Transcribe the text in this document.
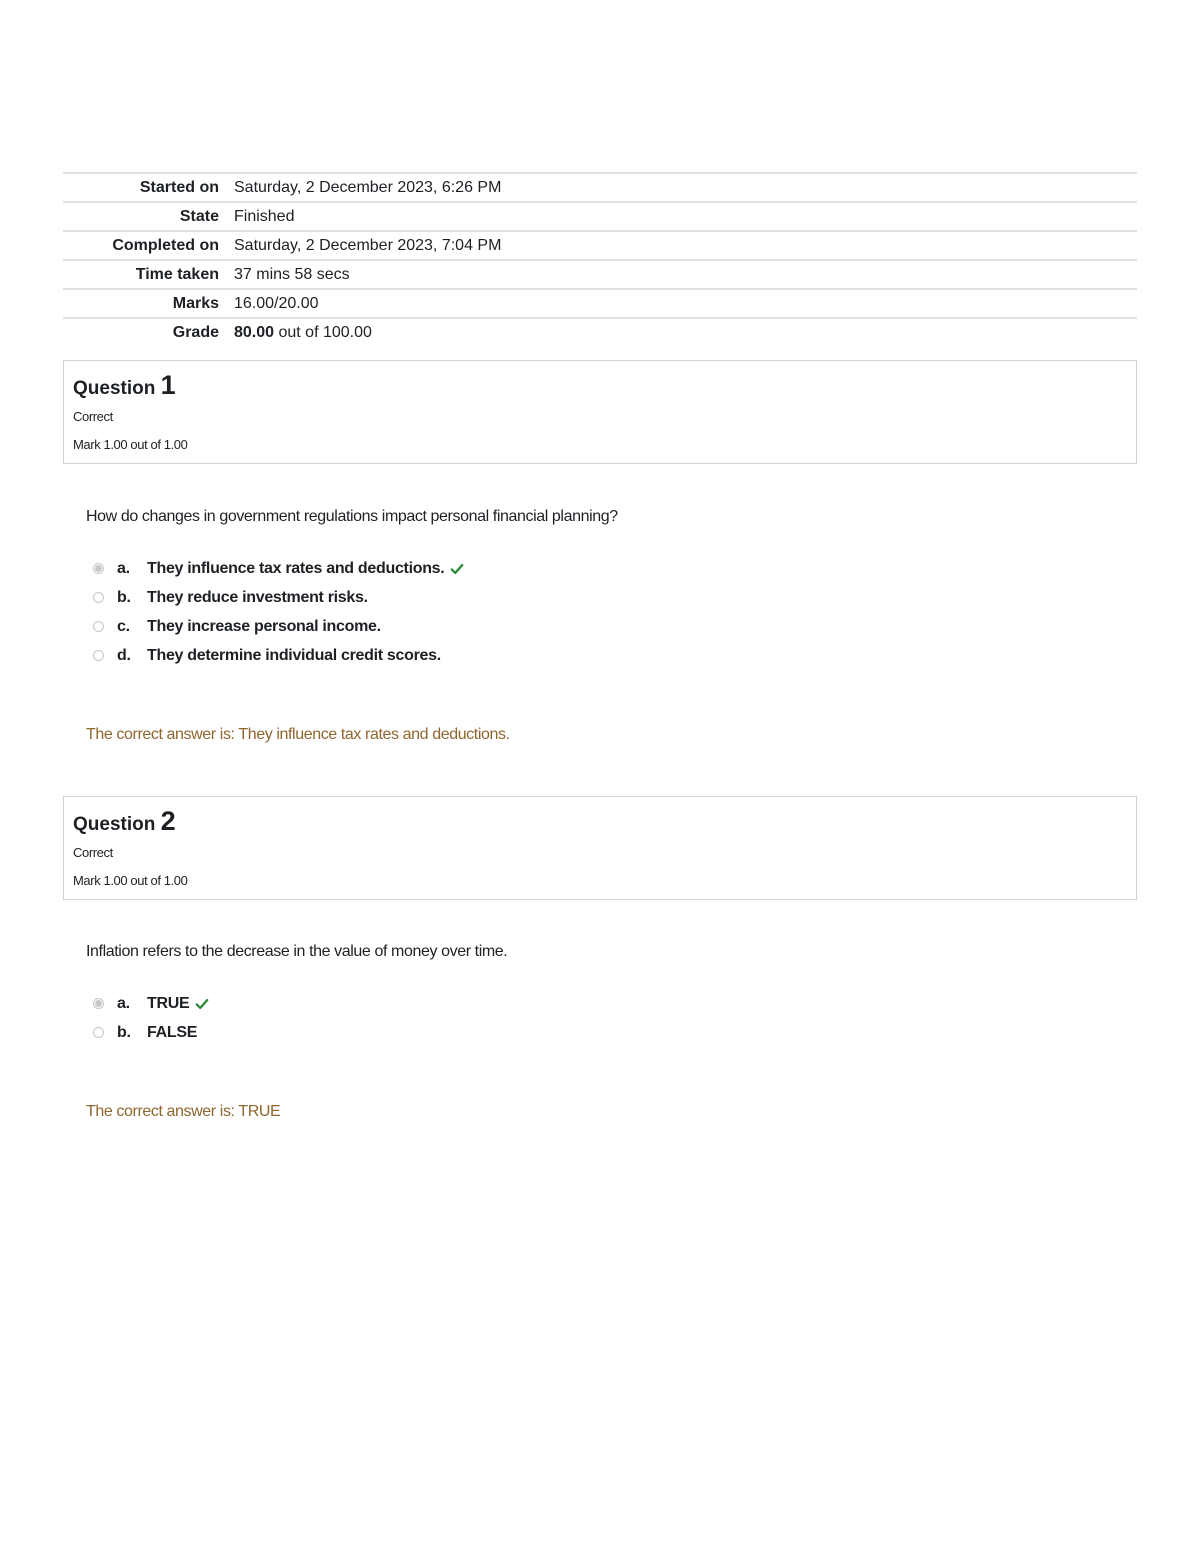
Started on	Saturday, 2 December 2023, 6:26 PM
State	Finished
Completed on	Saturday, 2 December 2023, 7:04 PM
Time taken	37 mins 58 secs
Marks	16.00/20.00
Grade	80.00 out of 100.00
Question 1
Correct
Mark 1.00 out of 1.00
How do changes in government regulations impact personal financial planning?
a.	They influence tax rates and deductions.
b.	They reduce investment risks.
c.	They increase personal income.
d.	They determine individual credit scores.
The correct answer is: They influence tax rates and deductions.
Question 2
Correct
Mark 1.00 out of 1.00
Inflation refers to the decrease in the value of money over time.
a.	TRUE
b.	FALSE
The correct answer is: TRUE
